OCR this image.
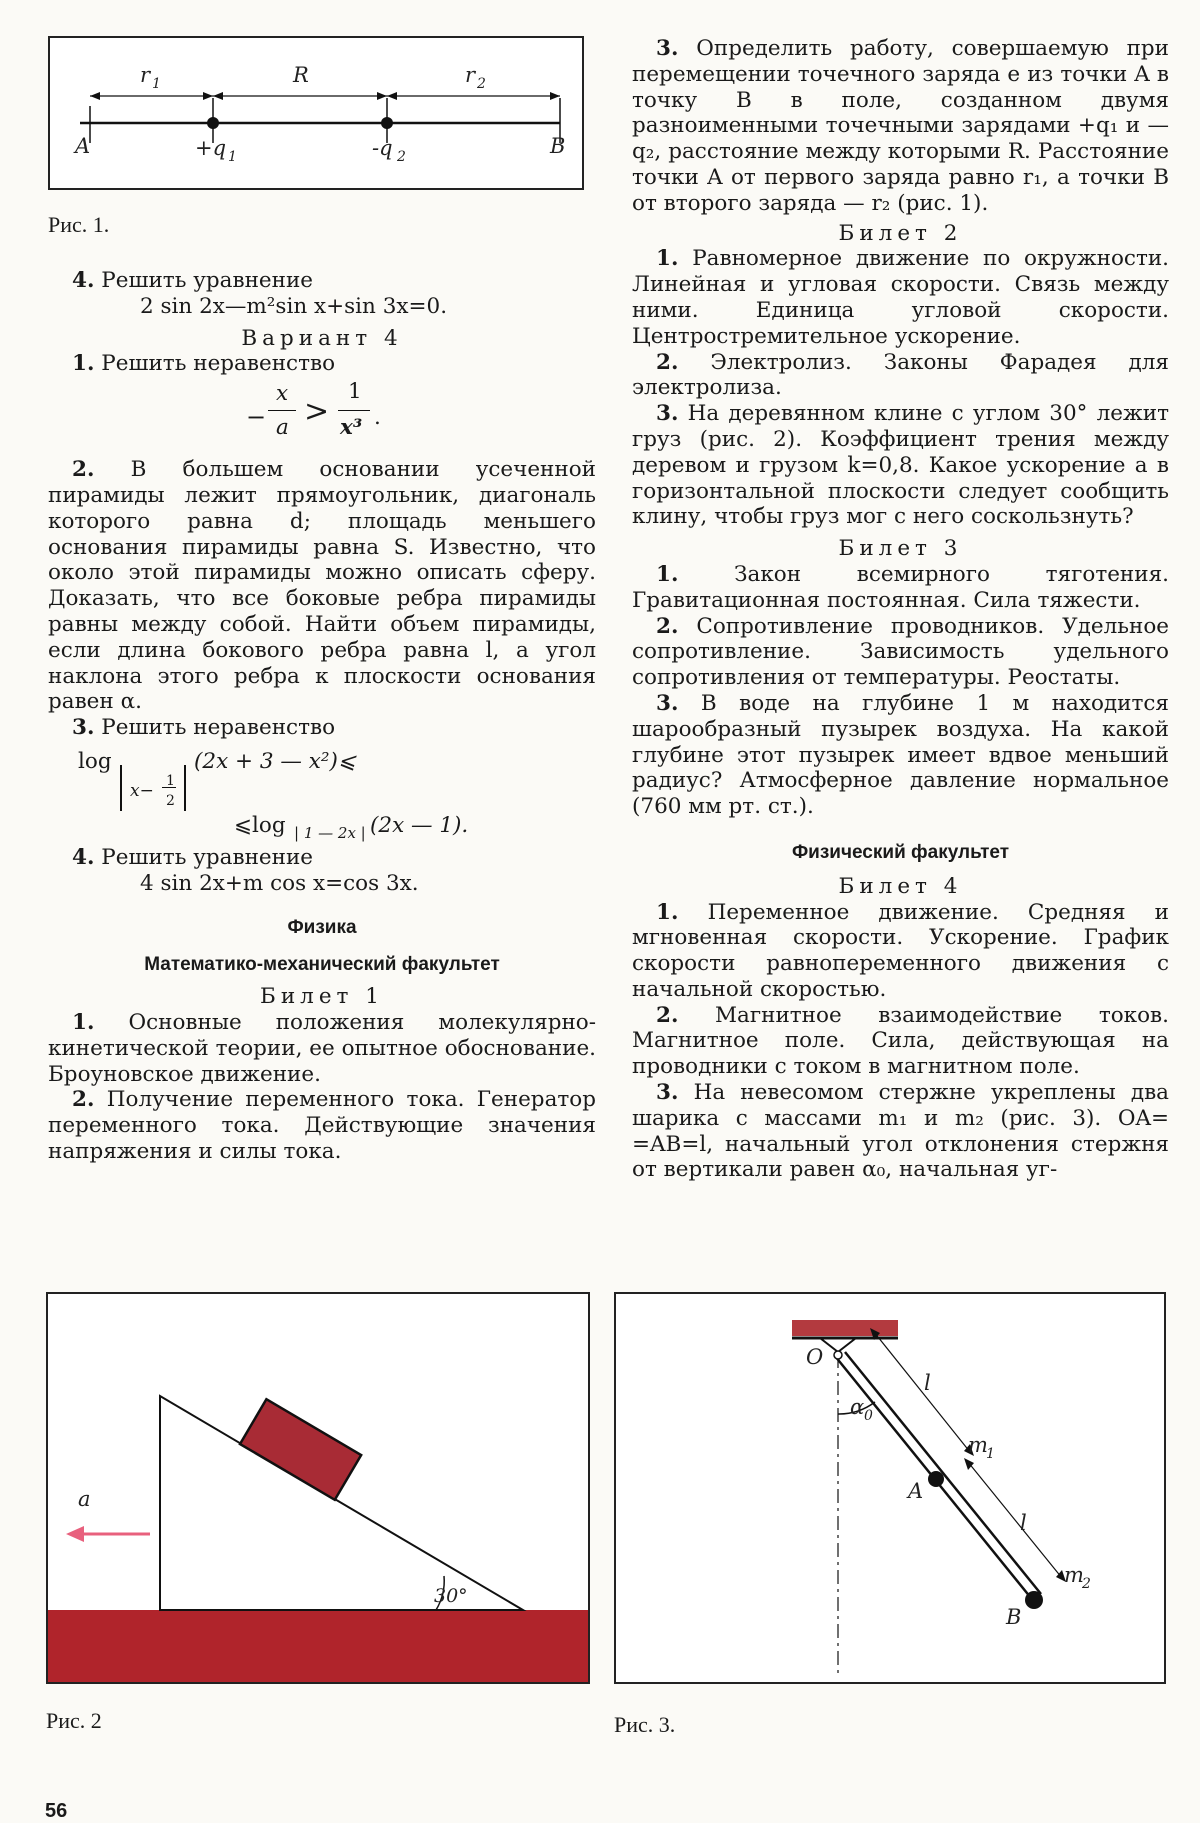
r 1	R	r 2
A	+q 1	-q 2	B
Рис. 1.

4. Решить уравнение

2 sin 2x—m²sin x+sin 3x=0.

Вариант 4

1. Решить неравенство

−
x
a >
1
x³ .

2. В большем основании усеченной пирамиды лежит прямоугольник, диагональ которого равна d; площадь меньшего основания пирамиды равна S. Известно, что около этой пирамиды можно описать сферу. Доказать, что все боковые ребра пирамиды равны между собой. Найти объем пирамиды, если длина бокового ребра равна l, а угол наклона этого ребра к плоскости основания равен α.

3. Решить неравенство

log
x− 1
2
(2x + 3 — x²)⩽
⩽log | 1 — 2x | (2x — 1).

4. Решить уравнение

4 sin 2x+m cos x=cos 3x.

Физика

Математико-механический факультет

Билет 1

1. Основные положения молекулярно-кинетической теории, ее опытное обоснование. Броуновское движение.

2. Получение переменного тока. Генератор переменного тока. Действующие значения напряжения и силы тока.

3. Определить работу, совершаемую при перемещении точечного заряда e из точки A в точку B в поле, созданном двумя разноименными точечными зарядами +q₁ и —q₂, расстояние между которыми R. Расстояние точки A от первого заряда равно r₁, а точки B от второго заряда — r₂ (рис. 1).

Билет 2

1. Равномерное движение по окружности. Линейная и угловая скорости. Связь между ними. Единица угловой скорости. Центростремительное ускорение.

2. Электролиз. Законы Фарадея для электролиза.

3. На деревянном клине с углом 30° лежит груз (рис. 2). Коэффициент трения между деревом и грузом k=0,8. Какое ускорение a в горизонтальной плоскости следует сообщить клину, чтобы груз мог с него соскользнуть?

Билет 3

1.	Закон всемирного тяготения. Гравитационная постоянная. Сила тяжести.

2. Сопротивление проводников. Удельное сопротивление. Зависимость удельного сопротивления от температуры. Реостаты.

3. В воде на глубине 1 м находится шарообразный пузырек воздуха. На какой глубине этот пузырек имеет вдвое меньший радиус? Атмосферное давление нормальное (760 мм рт. ст.).

Физический факультет

Билет 4

1. Переменное движение. Средняя и мгновенная скорости. Ускорение. График скорости равнопеременного движения с начальной скоростью.

2. Магнитное взаимодействие токов. Магнитное поле. Сила, действующая на проводники с током в магнитном поле.

3. На невесомом стержне укреплены два шарика с массами m₁ и m₂ (рис. 3). OA= =AB=l, начальный угол отклонения стержня от вертикали равен α₀, начальная уг-

30°
a
Рис. 2
O
l
α 0
m
1
A
l
m
2
B
Рис. 3.
56
